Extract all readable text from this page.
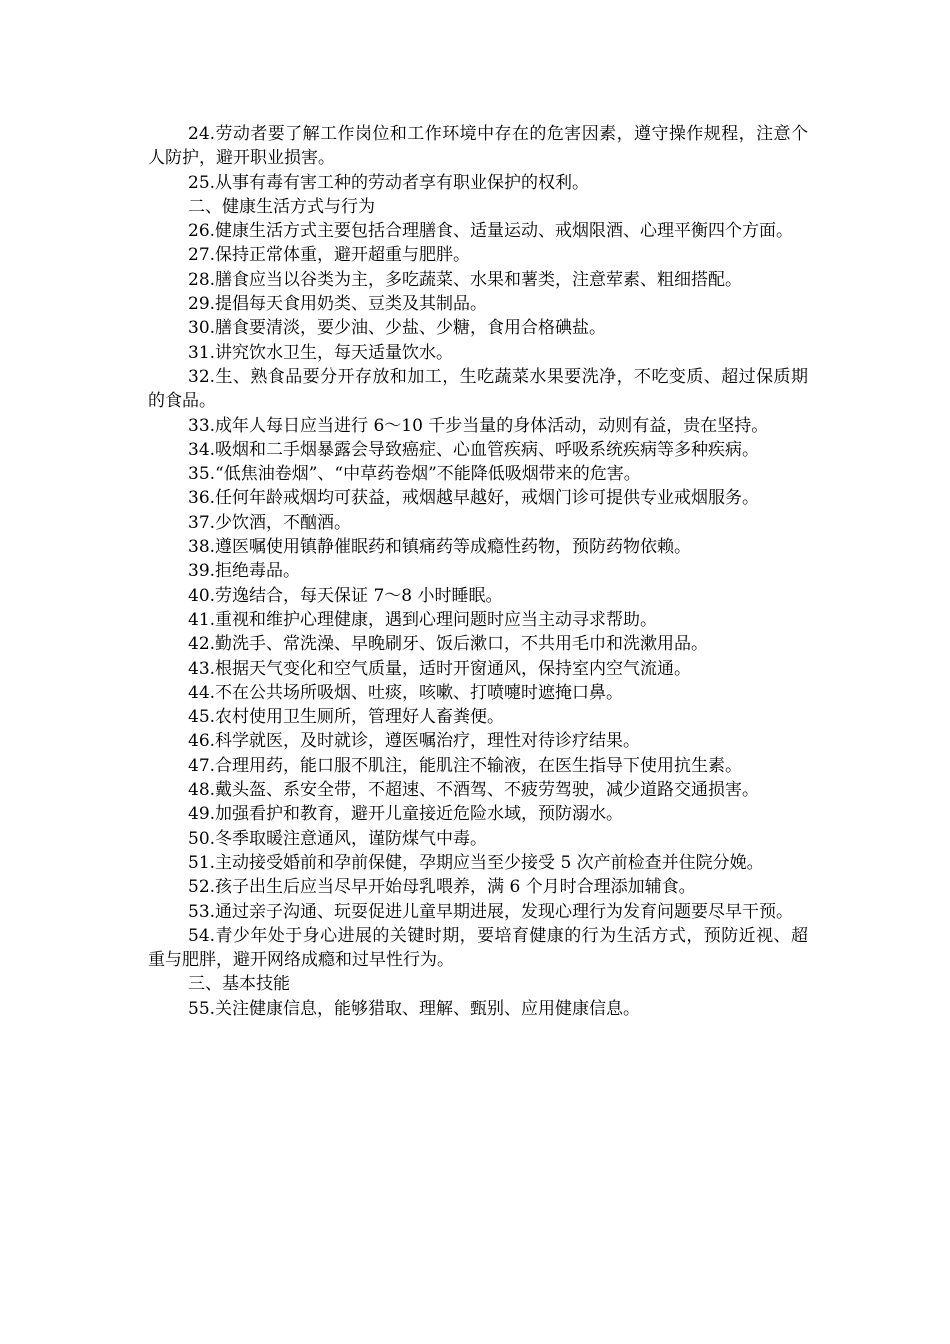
24.劳动者要了解工作岗位和工作环境中存在的危害因素，遵守操作规程，注意个人防护，避开职业损害。

25.从事有毒有害工种的劳动者享有职业保护的权利。

二、健康生活方式与行为

26.健康生活方式主要包括合理膳食、适量运动、戒烟限酒、心理平衡四个方面。

27.保持正常体重，避开超重与肥胖。

28.膳食应当以谷类为主，多吃蔬菜、水果和薯类，注意荤素、粗细搭配。

29.提倡每天食用奶类、豆类及其制品。

30.膳食要清淡，要少油、少盐、少糖，食用合格碘盐。

31.讲究饮水卫生，每天适量饮水。

32.生、熟食品要分开存放和加工，生吃蔬菜水果要洗净，不吃变质、超过保质期的食品。

33.成年人每日应当进行 6～10 千步当量的身体活动，动则有益，贵在坚持。

34.吸烟和二手烟暴露会导致癌症、心血管疾病、呼吸系统疾病等多种疾病。

35.“低焦油卷烟”、“中草药卷烟”不能降低吸烟带来的危害。

36.任何年龄戒烟均可获益，戒烟越早越好，戒烟门诊可提供专业戒烟服务。

37.少饮酒，不酗酒。

38.遵医嘱使用镇静催眠药和镇痛药等成瘾性药物，预防药物依赖。

39.拒绝毒品。

40.劳逸结合，每天保证 7～8 小时睡眠。

41.重视和维护心理健康，遇到心理问题时应当主动寻求帮助。

42.勤洗手、常洗澡、早晚刷牙、饭后漱口，不共用毛巾和洗漱用品。

43.根据天气变化和空气质量，适时开窗通风，保持室内空气流通。

44.不在公共场所吸烟、吐痰，咳嗽、打喷嚏时遮掩口鼻。

45.农村使用卫生厕所，管理好人畜粪便。

46.科学就医，及时就诊，遵医嘱治疗，理性对待诊疗结果。

47.合理用药，能口服不肌注，能肌注不输液，在医生指导下使用抗生素。

48.戴头盔、系安全带，不超速、不酒驾、不疲劳驾驶，减少道路交通损害。

49.加强看护和教育，避开儿童接近危险水域，预防溺水。

50.冬季取暖注意通风，谨防煤气中毒。

51.主动接受婚前和孕前保健，孕期应当至少接受 5 次产前检查并住院分娩。

52.孩子出生后应当尽早开始母乳喂养，满 6 个月时合理添加辅食。

53.通过亲子沟通、玩耍促进儿童早期进展，发现心理行为发育问题要尽早干预。

54.青少年处于身心进展的关键时期，要培育健康的行为生活方式，预防近视、超重与肥胖，避开网络成瘾和过早性行为。

三、基本技能

55.关注健康信息，能够猎取、理解、甄别、应用健康信息。
